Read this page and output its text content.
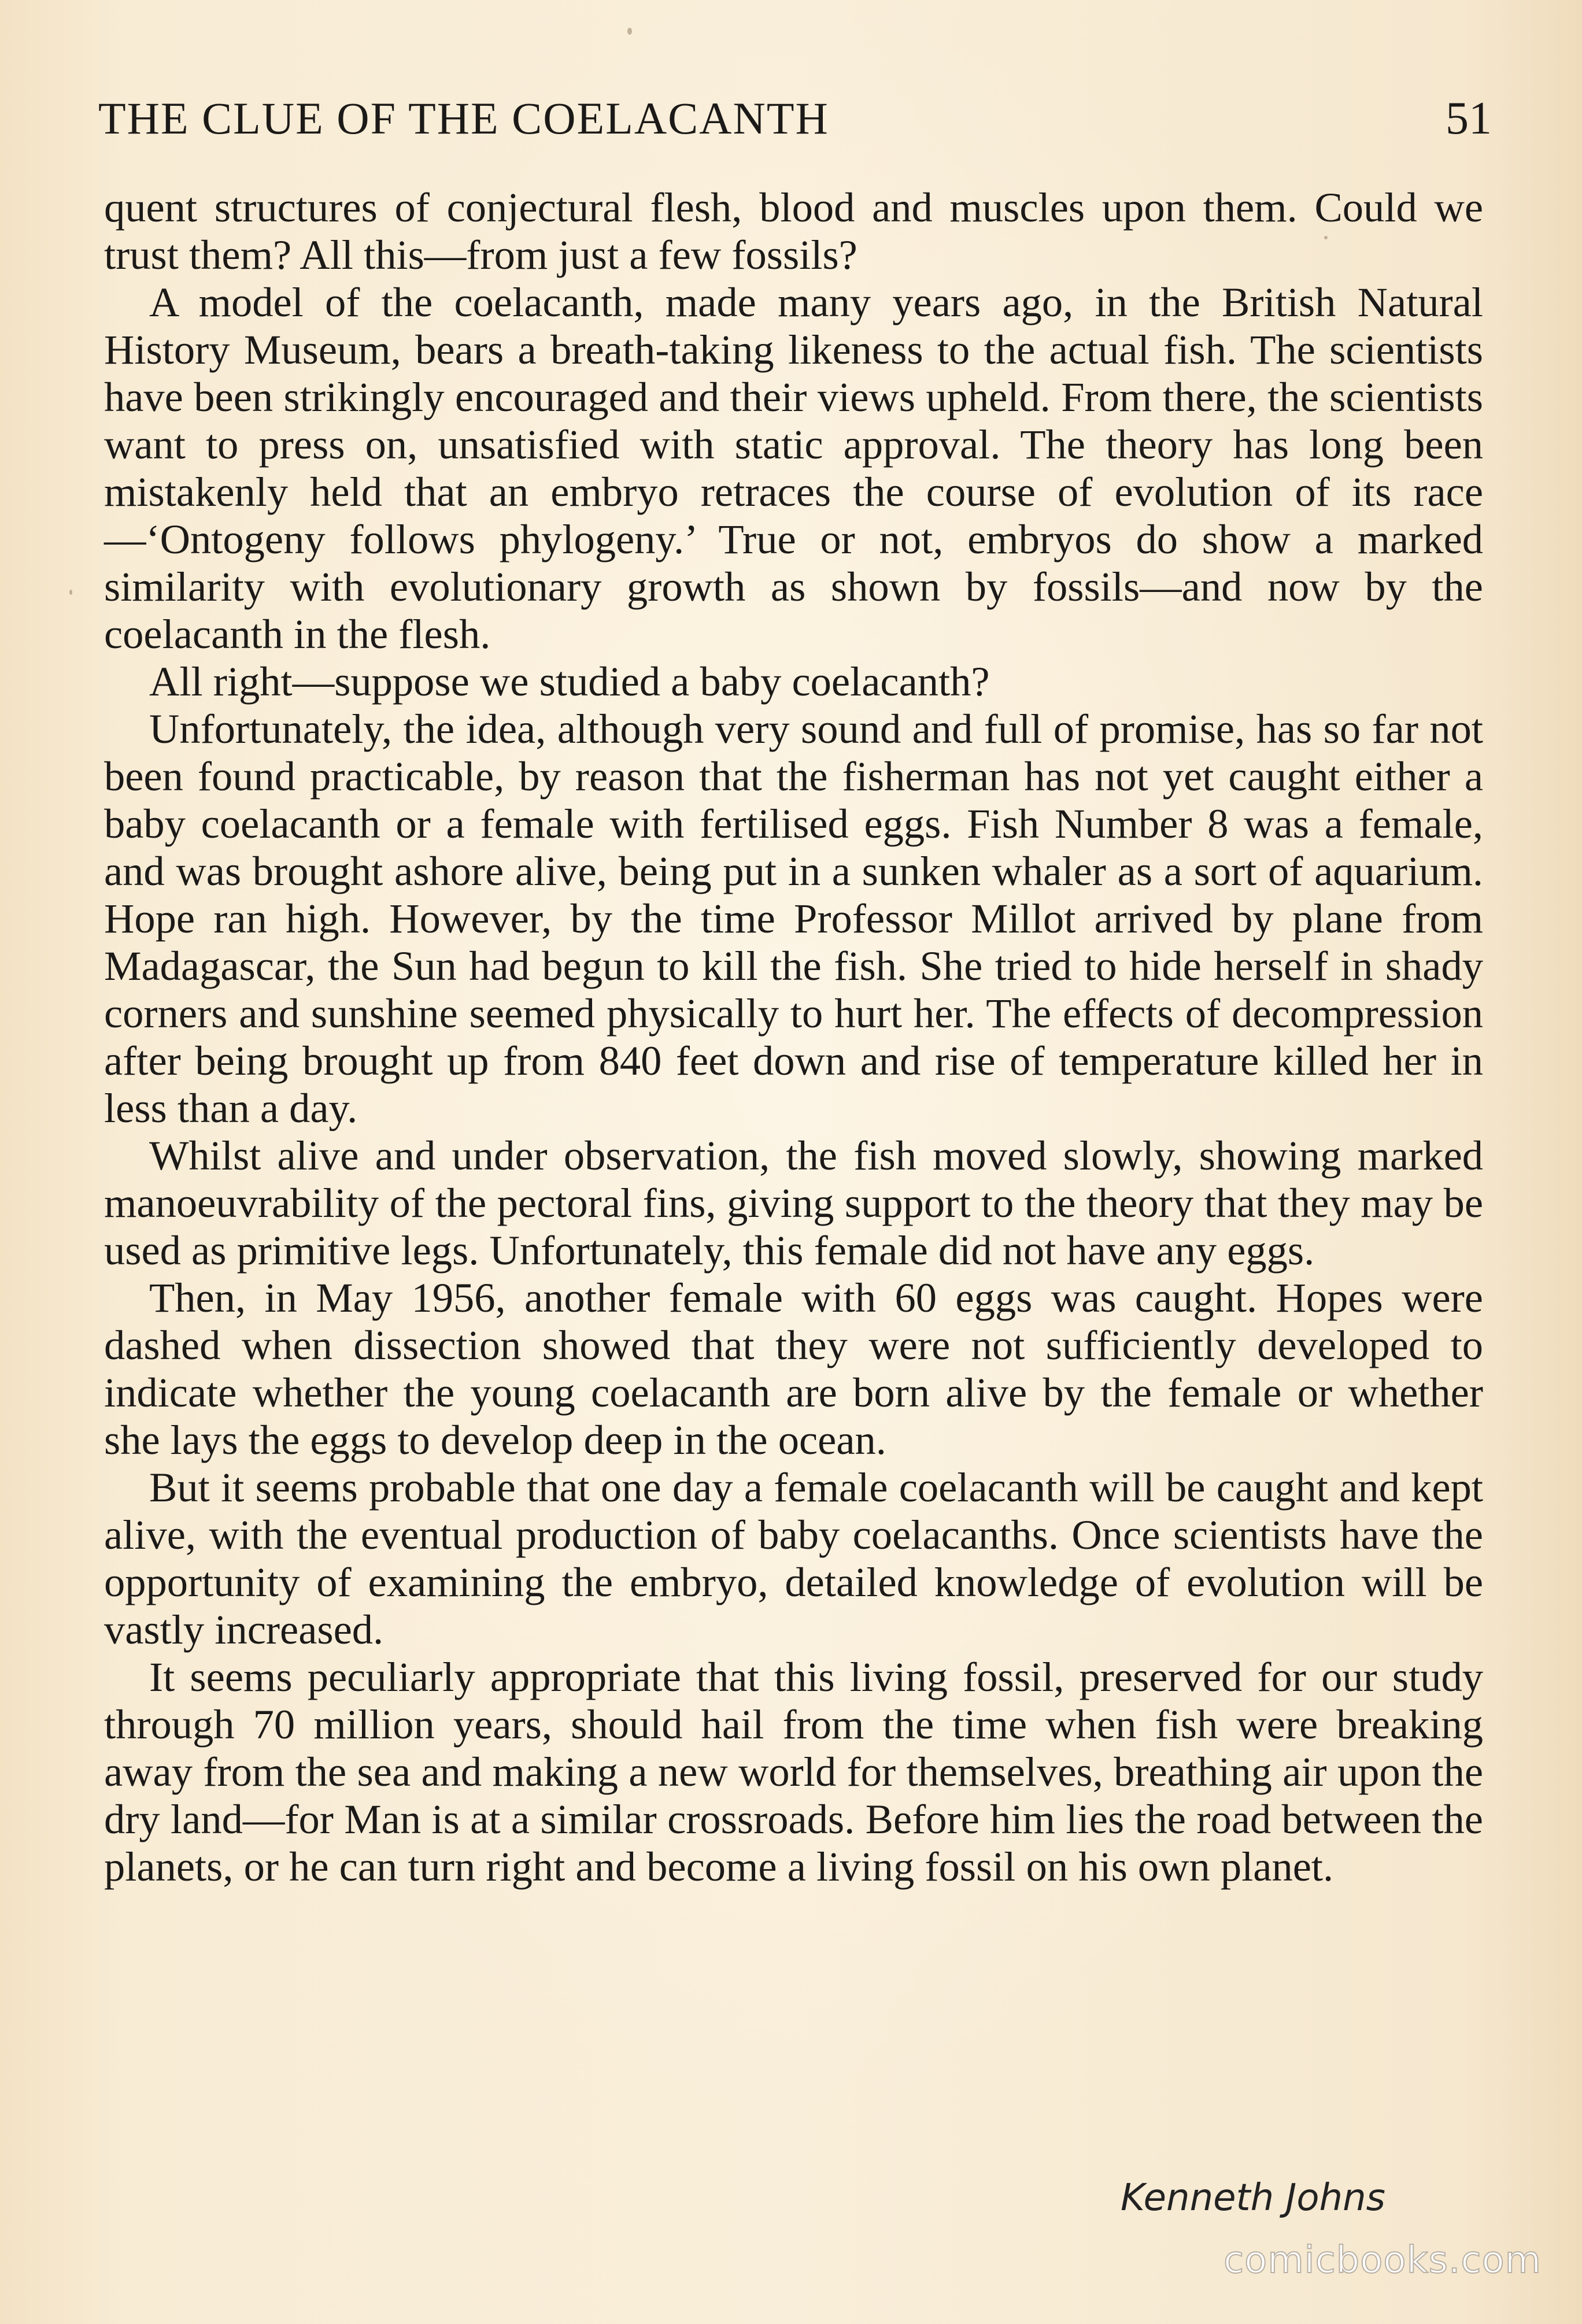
THE CLUE OF THE COELACANTH	51

quent structures of conjectural flesh, blood and muscles upon them. Could we trust them? All this—from just a few fossils?

A model of the coelacanth, made many years ago, in the British Natural History Museum, bears a breath-taking likeness to the actual fish. The scientists have been strikingly encouraged and their views upheld. From there, the scientists want to press on, unsatisfied with static approval. The theory has long been mistakenly held that an embryo retraces the course of evolution of its race—‘Ontogeny follows phylogeny.’ True or not, embryos do show a marked similarity with evolutionary growth as shown by fossils—and now by the coelacanth in the flesh.

All right—suppose we studied a baby coelacanth?

Unfortunately, the idea, although very sound and full of promise, has so far not been found practicable, by reason that the fisherman has not yet caught either a baby coelacanth or a female with fertilised eggs. Fish Number 8 was a female, and was brought ashore alive, being put in a sunken whaler as a sort of aquarium. Hope ran high. However, by the time Professor Millot arrived by plane from Madagascar, the Sun had begun to kill the fish. She tried to hide herself in shady corners and sunshine seemed physically to hurt her. The effects of decompression after being brought up from 840 feet down and rise of temperature killed her in less than a day.

Whilst alive and under observation, the fish moved slowly, showing marked manoeuvrability of the pectoral fins, giving support to the theory that they may be used as primitive legs. Unfortunately, this female did not have any eggs.

Then, in May 1956, another female with 60 eggs was caught. Hopes were dashed when dissection showed that they were not sufficiently developed to indicate whether the young coelacanth are born alive by the female or whether she lays the eggs to develop deep in the ocean.

But it seems probable that one day a female coelacanth will be caught and kept alive, with the eventual production of baby coelacanths. Once scientists have the opportunity of examining the embryo, detailed knowledge of evolution will be vastly increased.

It seems peculiarly appropriate that this living fossil, preserved for our study through 70 million years, should hail from the time when fish were breaking away from the sea and making a new world for themselves, breathing air upon the dry land—for Man is at a similar crossroads. Before him lies the road between the planets, or he can turn right and become a living fossil on his own planet.

Kenneth Johns
comicbooks.com
